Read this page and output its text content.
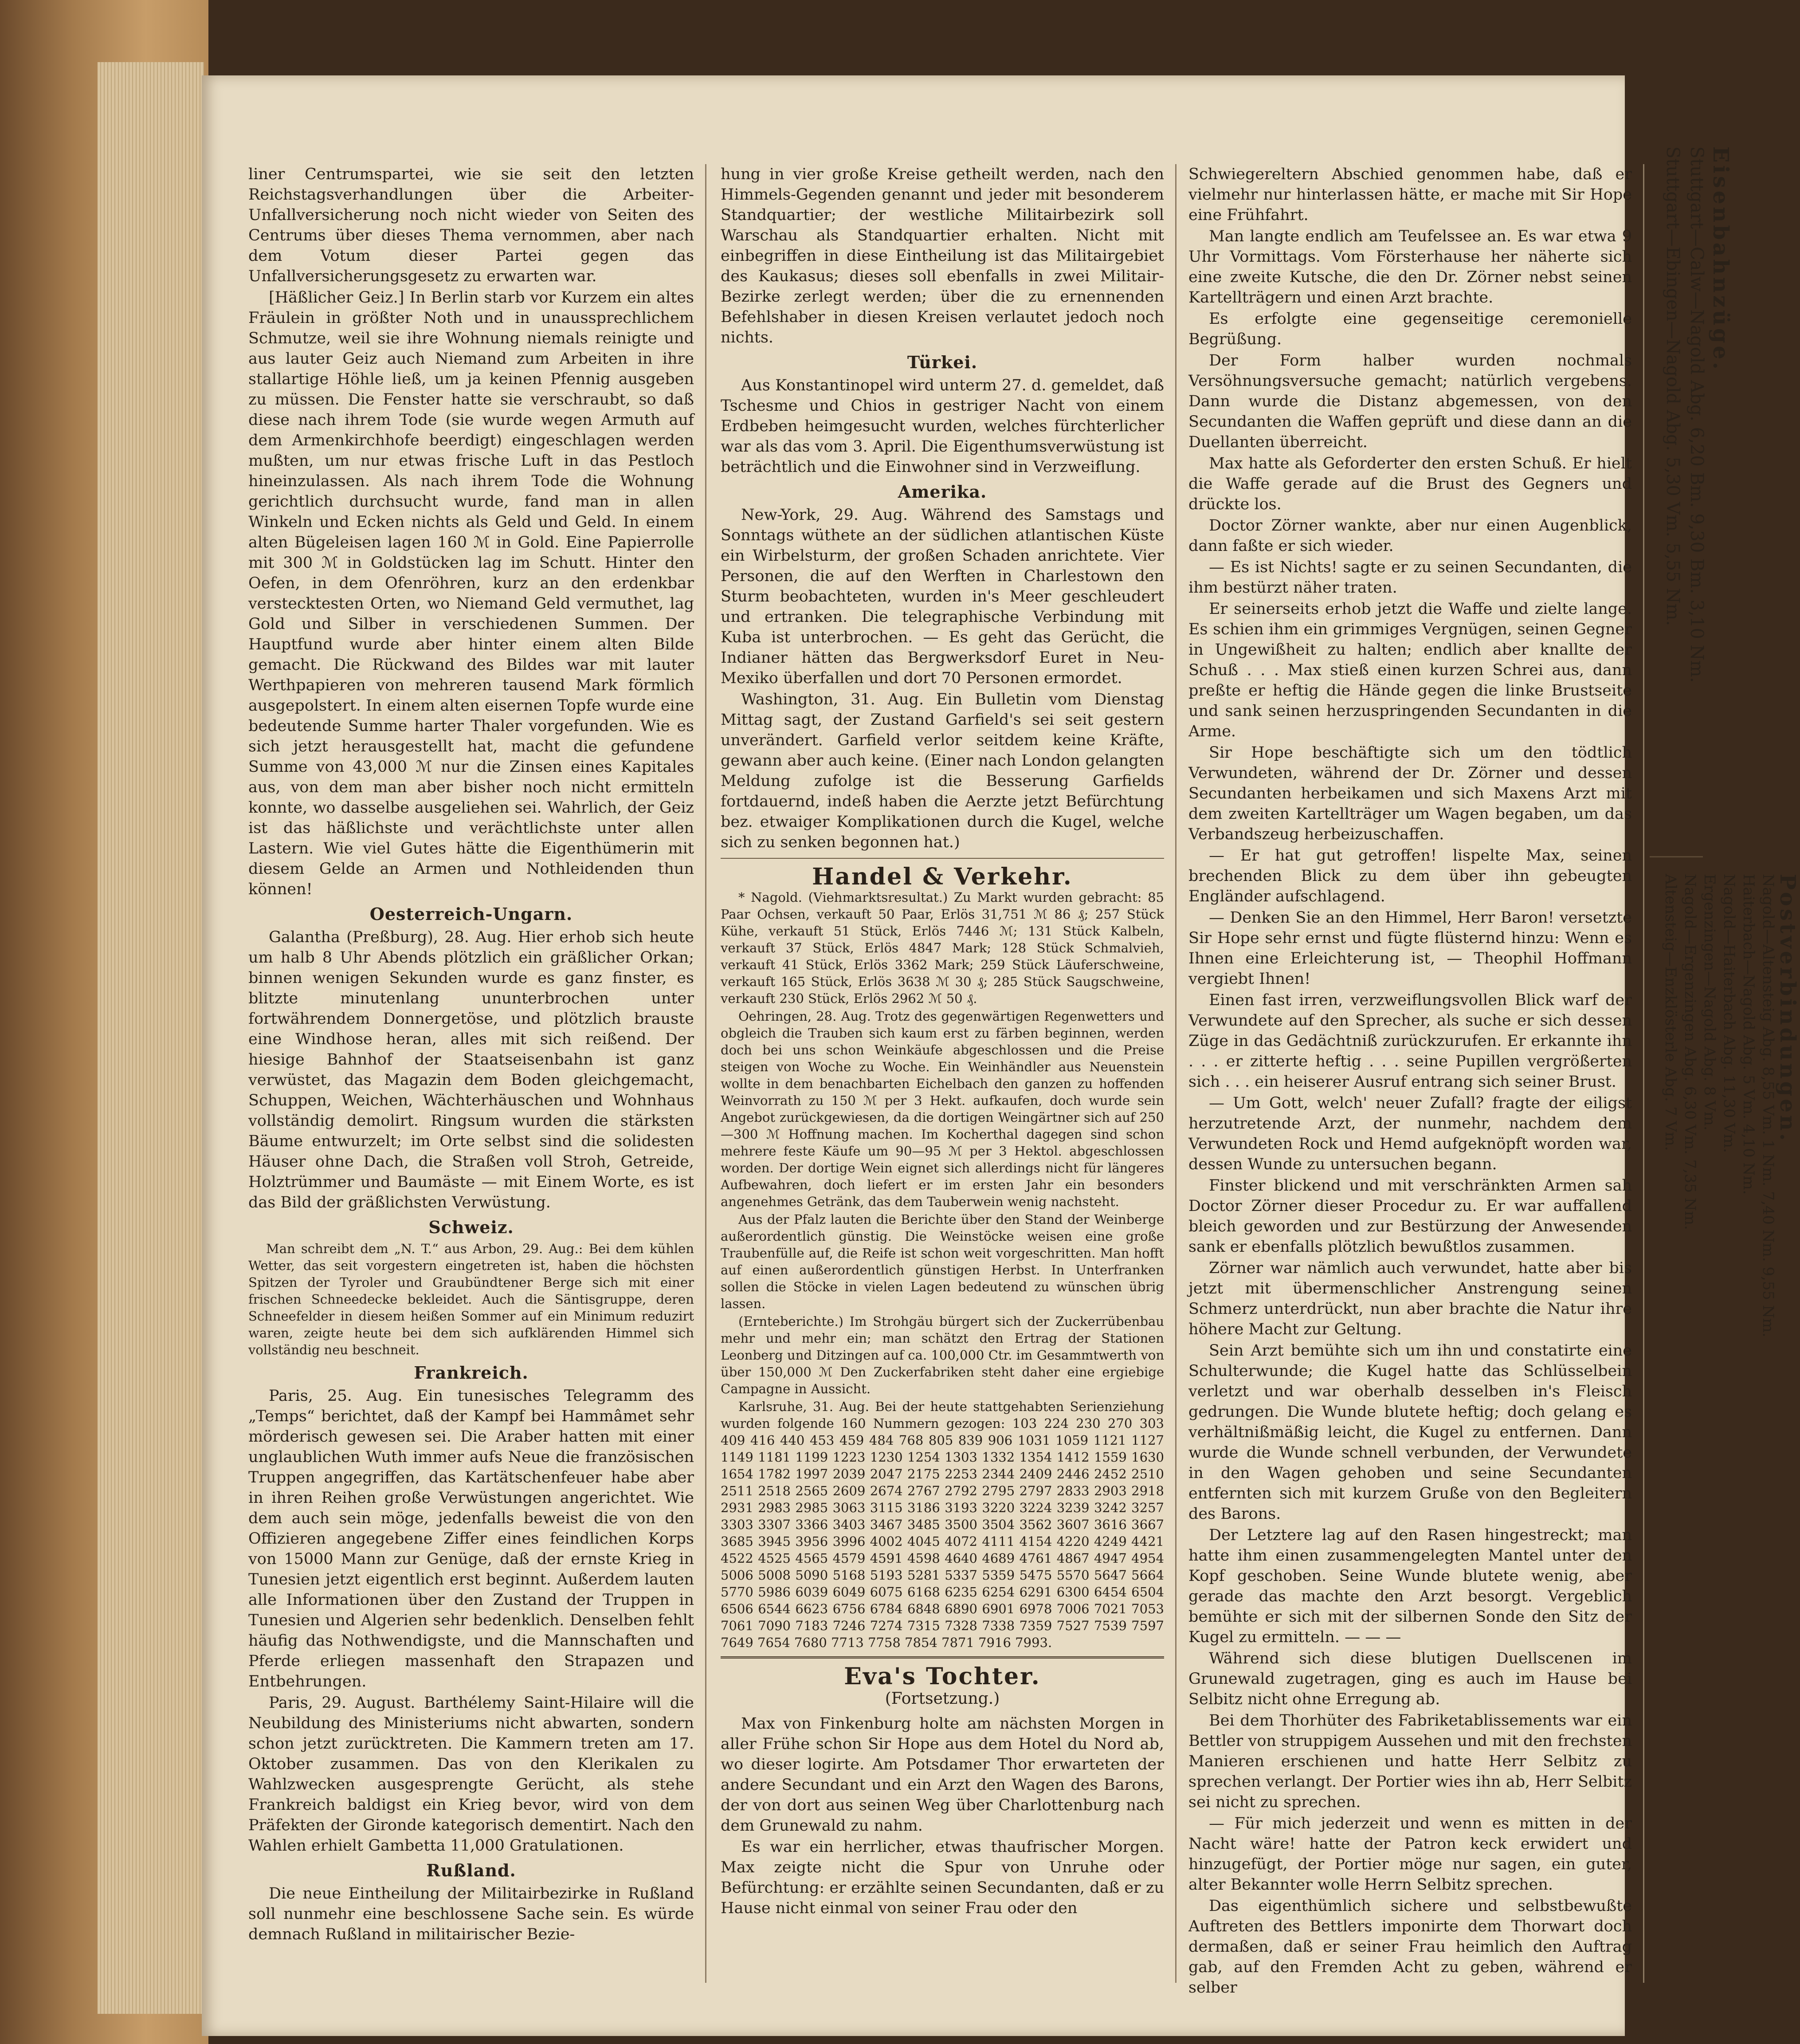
liner Centrumspartei, wie sie seit den letzten Reichstagsverhandlungen über die Arbeiter-Unfallversicherung noch nicht wieder von Seiten des Centrums über dieses Thema vernommen, aber nach dem Votum dieser Partei gegen das Unfallversicherungsgesetz zu erwarten war.

[Häßlicher Geiz.] In Berlin starb vor Kurzem ein altes Fräulein in größter Noth und in unaussprechlichem Schmutze, weil sie ihre Wohnung niemals reinigte und aus lauter Geiz auch Niemand zum Arbeiten in ihre stallartige Höhle ließ, um ja keinen Pfennig ausgeben zu müssen. Die Fenster hatte sie verschraubt, so daß diese nach ihrem Tode (sie wurde wegen Armuth auf dem Armenkirchhofe beerdigt) eingeschlagen werden mußten, um nur etwas frische Luft in das Pestloch hineinzulassen. Als nach ihrem Tode die Wohnung gerichtlich durchsucht wurde, fand man in allen Winkeln und Ecken nichts als Geld und Geld. In einem alten Bügeleisen lagen 160 ℳ in Gold. Eine Papierrolle mit 300 ℳ in Goldstücken lag im Schutt. Hinter den Oefen, in dem Ofenröhren, kurz an den erdenkbar verstecktesten Orten, wo Niemand Geld vermuthet, lag Gold und Silber in verschiedenen Summen. Der Hauptfund wurde aber hinter einem alten Bilde gemacht. Die Rückwand des Bildes war mit lauter Werthpapieren von mehreren tausend Mark förmlich ausgepolstert. In einem alten eisernen Topfe wurde eine bedeutende Summe harter Thaler vorgefunden. Wie es sich jetzt herausgestellt hat, macht die gefundene Summe von 43,000 ℳ nur die Zinsen eines Kapitales aus, von dem man aber bisher noch nicht ermitteln konnte, wo dasselbe ausgeliehen sei. Wahrlich, der Geiz ist das häßlichste und verächtlichste unter allen Lastern. Wie viel Gutes hätte die Eigenthümerin mit diesem Gelde an Armen und Nothleidenden thun können!

Oesterreich-Ungarn.

Galantha (Preßburg), 28. Aug. Hier erhob sich heute um halb 8 Uhr Abends plötzlich ein gräßlicher Orkan; binnen wenigen Sekunden wurde es ganz finster, es blitzte minutenlang ununterbrochen unter fortwährendem Donnergetöse, und plötzlich brauste eine Windhose heran, alles mit sich reißend. Der hiesige Bahnhof der Staatseisenbahn ist ganz verwüstet, das Magazin dem Boden gleichgemacht, Schuppen, Weichen, Wächterhäuschen und Wohnhaus vollständig demolirt. Ringsum wurden die stärksten Bäume entwurzelt; im Orte selbst sind die solidesten Häuser ohne Dach, die Straßen voll Stroh, Getreide, Holztrümmer und Baumäste — mit Einem Worte, es ist das Bild der gräßlichsten Verwüstung.

Schweiz.

Man schreibt dem „N. T.“ aus Arbon, 29. Aug.: Bei dem kühlen Wetter, das seit vorgestern eingetreten ist, haben die höchsten Spitzen der Tyroler und Graubündtener Berge sich mit einer frischen Schneedecke bekleidet. Auch die Säntisgruppe, deren Schneefelder in diesem heißen Sommer auf ein Minimum reduzirt waren, zeigte heute bei dem sich aufklärenden Himmel sich vollständig neu beschneit.

Frankreich.

Paris, 25. Aug. Ein tunesisches Telegramm des „Temps“ berichtet, daß der Kampf bei Hammâmet sehr mörderisch gewesen sei. Die Araber hatten mit einer unglaublichen Wuth immer aufs Neue die französischen Truppen angegriffen, das Kartätschenfeuer habe aber in ihren Reihen große Verwüstungen angerichtet. Wie dem auch sein möge, jedenfalls beweist die von den Offizieren angegebene Ziffer eines feindlichen Korps von 15000 Mann zur Genüge, daß der ernste Krieg in Tunesien jetzt eigentlich erst beginnt. Außerdem lauten alle Informationen über den Zustand der Truppen in Tunesien und Algerien sehr bedenklich. Denselben fehlt häufig das Nothwendigste, und die Mannschaften und Pferde erliegen massenhaft den Strapazen und Entbehrungen.

Paris, 29. August. Barthélemy Saint-Hilaire will die Neubildung des Ministeriums nicht abwarten, sondern schon jetzt zurücktreten. Die Kammern treten am 17. Oktober zusammen. Das von den Klerikalen zu Wahlzwecken ausgesprengte Gerücht, als stehe Frankreich baldigst ein Krieg bevor, wird von dem Präfekten der Gironde kategorisch dementirt. Nach den Wahlen erhielt Gambetta 11,000 Gratulationen.

Rußland.

Die neue Eintheilung der Militairbezirke in Rußland soll nunmehr eine beschlossene Sache sein. Es würde demnach Rußland in militairischer Bezie-

hung in vier große Kreise getheilt werden, nach den Himmels-Gegenden genannt und jeder mit besonderem Standquartier; der westliche Militairbezirk soll Warschau als Standquartier erhalten. Nicht mit einbegriffen in diese Eintheilung ist das Militairgebiet des Kaukasus; dieses soll ebenfalls in zwei Militair-Bezirke zerlegt werden; über die zu ernennenden Befehlshaber in diesen Kreisen verlautet jedoch noch nichts.

Türkei.

Aus Konstantinopel wird unterm 27. d. gemeldet, daß Tschesme und Chios in gestriger Nacht von einem Erdbeben heimgesucht wurden, welches fürchterlicher war als das vom 3. April. Die Eigenthumsverwüstung ist beträchtlich und die Einwohner sind in Verzweiflung.

Amerika.

New-York, 29. Aug. Während des Samstags und Sonntags wüthete an der südlichen atlantischen Küste ein Wirbelsturm, der großen Schaden anrichtete. Vier Personen, die auf den Werften in Charlestown den Sturm beobachteten, wurden in's Meer geschleudert und ertranken. Die telegraphische Verbindung mit Kuba ist unterbrochen. — Es geht das Gerücht, die Indianer hätten das Bergwerksdorf Euret in Neu-Mexiko überfallen und dort 70 Personen ermordet.

Washington, 31. Aug. Ein Bulletin vom Dienstag Mittag sagt, der Zustand Garfield's sei seit gestern unverändert. Garfield verlor seitdem keine Kräfte, gewann aber auch keine. (Einer nach London gelangten Meldung zufolge ist die Besserung Garfields fortdauernd, indeß haben die Aerzte jetzt Befürchtung bez. etwaiger Komplikationen durch die Kugel, welche sich zu senken begonnen hat.)

Handel & Verkehr.

* Nagold. (Viehmarktsresultat.) Zu Markt wurden gebracht: 85 Paar Ochsen, verkauft 50 Paar, Erlös 31,751 ℳ 86 ₰; 257 Stück Kühe, verkauft 51 Stück, Erlös 7446 ℳ; 131 Stück Kalbeln, verkauft 37 Stück, Erlös 4847 Mark; 128 Stück Schmalvieh, verkauft 41 Stück, Erlös 3362 Mark; 259 Stück Läuferschweine, verkauft 165 Stück, Erlös 3638 ℳ 30 ₰; 285 Stück Saugschweine, verkauft 230 Stück, Erlös 2962 ℳ 50 ₰.

Oehringen, 28. Aug. Trotz des gegenwärtigen Regenwetters und obgleich die Trauben sich kaum erst zu färben beginnen, werden doch bei uns schon Weinkäufe abgeschlossen und die Preise steigen von Woche zu Woche. Ein Weinhändler aus Neuenstein wollte in dem benachbarten Eichelbach den ganzen zu hoffenden Weinvorrath zu 150 ℳ per 3 Hekt. aufkaufen, doch wurde sein Angebot zurückgewiesen, da die dortigen Weingärtner sich auf 250—300 ℳ Hoffnung machen. Im Kocherthal dagegen sind schon mehrere feste Käufe um 90—95 ℳ per 3 Hektol. abgeschlossen worden. Der dortige Wein eignet sich allerdings nicht für längeres Aufbewahren, doch liefert er im ersten Jahr ein besonders angenehmes Getränk, das dem Tauberwein wenig nachsteht.

Aus der Pfalz lauten die Berichte über den Stand der Weinberge außerordentlich günstig. Die Weinstöcke weisen eine große Traubenfülle auf, die Reife ist schon weit vorgeschritten. Man hofft auf einen außerordentlich günstigen Herbst. In Unterfranken sollen die Stöcke in vielen Lagen bedeutend zu wünschen übrig lassen.

(Ernteberichte.) Im Strohgäu bürgert sich der Zuckerrübenbau mehr und mehr ein; man schätzt den Ertrag der Stationen Leonberg und Ditzingen auf ca. 100,000 Ctr. im Gesammtwerth von über 150,000 ℳ Den Zuckerfabriken steht daher eine ergiebige Campagne in Aussicht.

Karlsruhe, 31. Aug. Bei der heute stattgehabten Serienziehung wurden folgende 160 Nummern gezogen: 103 224 230 270 303 409 416 440 453 459 484 768 805 839 906 1031 1059 1121 1127 1149 1181 1199 1223 1230 1254 1303 1332 1354 1412 1559 1630 1654 1782 1997 2039 2047 2175 2253 2344 2409 2446 2452 2510 2511 2518 2565 2609 2674 2767 2792 2795 2797 2833 2903 2918 2931 2983 2985 3063 3115 3186 3193 3220 3224 3239 3242 3257 3303 3307 3366 3403 3467 3485 3500 3504 3562 3607 3616 3667 3685 3945 3956 3996 4002 4045 4072 4111 4154 4220 4249 4421 4522 4525 4565 4579 4591 4598 4640 4689 4761 4867 4947 4954 5006 5008 5090 5168 5193 5281 5337 5359 5475 5570 5647 5664 5770 5986 6039 6049 6075 6168 6235 6254 6291 6300 6454 6504 6506 6544 6623 6756 6784 6848 6890 6901 6978 7006 7021 7053 7061 7090 7183 7246 7274 7315 7328 7338 7359 7527 7539 7597 7649 7654 7680 7713 7758 7854 7871 7916 7993.

Eva's Tochter.
(Fortsetzung.)

Max von Finkenburg holte am nächsten Morgen in aller Frühe schon Sir Hope aus dem Hotel du Nord ab, wo dieser logirte. Am Potsdamer Thor erwarteten der andere Secundant und ein Arzt den Wagen des Barons, der von dort aus seinen Weg über Charlottenburg nach dem Grunewald zu nahm.

Es war ein herrlicher, etwas thaufrischer Morgen. Max zeigte nicht die Spur von Unruhe oder Befürchtung: er erzählte seinen Secundanten, daß er zu Hause nicht einmal von seiner Frau oder den

Schwiegereltern Abschied genommen habe, daß er vielmehr nur hinterlassen hätte, er mache mit Sir Hope eine Frühfahrt.

Man langte endlich am Teufelssee an. Es war etwa 9 Uhr Vormittags. Vom Försterhause her näherte sich eine zweite Kutsche, die den Dr. Zörner nebst seinen Kartellträgern und einen Arzt brachte.

Es erfolgte eine gegenseitige ceremonielle Begrüßung.

Der Form halber wurden nochmals Versöhnungsversuche gemacht; natürlich vergebens. Dann wurde die Distanz abgemessen, von den Secundanten die Waffen geprüft und diese dann an die Duellanten überreicht.

Max hatte als Geforderter den ersten Schuß. Er hielt die Waffe gerade auf die Brust des Gegners und drückte los.

Doctor Zörner wankte, aber nur einen Augenblick, dann faßte er sich wieder.

— Es ist Nichts! sagte er zu seinen Secundanten, die ihm bestürzt näher traten.

Er seinerseits erhob jetzt die Waffe und zielte lange. Es schien ihm ein grimmiges Vergnügen, seinen Gegner in Ungewißheit zu halten; endlich aber knallte der Schuß . . . Max stieß einen kurzen Schrei aus, dann preßte er heftig die Hände gegen die linke Brustseite und sank seinen herzuspringenden Secundanten in die Arme.

Sir Hope beschäftigte sich um den tödtlich Verwundeten, während der Dr. Zörner und dessen Secundanten herbeikamen und sich Maxens Arzt mit dem zweiten Kartellträger um Wagen begaben, um das Verbandszeug herbeizuschaffen.

— Er hat gut getroffen! lispelte Max, seinen brechenden Blick zu dem über ihn gebeugten Engländer aufschlagend.

— Denken Sie an den Himmel, Herr Baron! versetzte Sir Hope sehr ernst und fügte flüsternd hinzu: Wenn es Ihnen eine Erleichterung ist, — Theophil Hoffmann vergiebt Ihnen!

Einen fast irren, verzweiflungsvollen Blick warf der Verwundete auf den Sprecher, als suche er sich dessen Züge in das Gedächtniß zurückzurufen. Er erkannte ihn . . . er zitterte heftig . . . seine Pupillen vergrößerten sich . . . ein heiserer Ausruf entrang sich seiner Brust.

— Um Gott, welch' neuer Zufall? fragte der eiligst herzutretende Arzt, der nunmehr, nachdem dem Verwundeten Rock und Hemd aufgeknöpft worden war, dessen Wunde zu untersuchen begann.

Finster blickend und mit verschränkten Armen sah Doctor Zörner dieser Procedur zu. Er war auffallend bleich geworden und zur Bestürzung der Anwesenden sank er ebenfalls plötzlich bewußtlos zusammen.

Zörner war nämlich auch verwundet, hatte aber bis jetzt mit übermenschlicher Anstrengung seinen Schmerz unterdrückt, nun aber brachte die Natur ihre höhere Macht zur Geltung.

Sein Arzt bemühte sich um ihn und constatirte eine Schulterwunde; die Kugel hatte das Schlüsselbein verletzt und war oberhalb desselben in's Fleisch gedrungen. Die Wunde blutete heftig; doch gelang es verhältnißmäßig leicht, die Kugel zu entfernen. Dann wurde die Wunde schnell verbunden, der Verwundete in den Wagen gehoben und seine Secundanten entfernten sich mit kurzem Gruße von den Begleitern des Barons.

Der Letztere lag auf den Rasen hingestreckt; man hatte ihm einen zusammengelegten Mantel unter den Kopf geschoben. Seine Wunde blutete wenig, aber gerade das machte den Arzt besorgt. Vergeblich bemühte er sich mit der silbernen Sonde den Sitz der Kugel zu ermitteln. — — —

Während sich diese blutigen Duellscenen im Grunewald zugetragen, ging es auch im Hause bei Selbitz nicht ohne Erregung ab.

Bei dem Thorhüter des Fabriketablissements war ein Bettler von struppigem Aussehen und mit den frechsten Manieren erschienen und hatte Herr Selbitz zu sprechen verlangt. Der Portier wies ihn ab, Herr Selbitz sei nicht zu sprechen.

— Für mich jederzeit und wenn es mitten in der Nacht wäre! hatte der Patron keck erwidert und hinzugefügt, der Portier möge nur sagen, ein guter, alter Bekannter wolle Herrn Selbitz sprechen.

Das eigenthümlich sichere und selbstbewußte Auftreten des Bettlers imponirte dem Thorwart doch dermaßen, daß er seiner Frau heimlich den Auftrag gab, auf den Fremden Acht zu geben, während er selber

Eisenbahnzüge.
Stuttgart—Calw—Nagold Abg. 6,20 Bm. 9,30 Bm. 3,10 Nm.
Stuttgart—Ebingen—Nagold Abg. 5,30 Vm. 5,55 Nm.
Postverbindungen.
Nagold—Altensteig Abg. 8,55 Vm. 1 Nm. 7,40 Nm. 9,55 Nm.
Haiterbach—Nagold Abg. 5 Vm. 4,10 Nm.
Nagold—Haiterbach Abg. 11,30 Vm.
Ergenzingen—Nagold Abg. 8 Vm.
Nagold—Ergenzingen Abg. 6,30 Vm. 7,35 Nm.
Altensteig—Enzklösterle Abg. 7 Vm.
